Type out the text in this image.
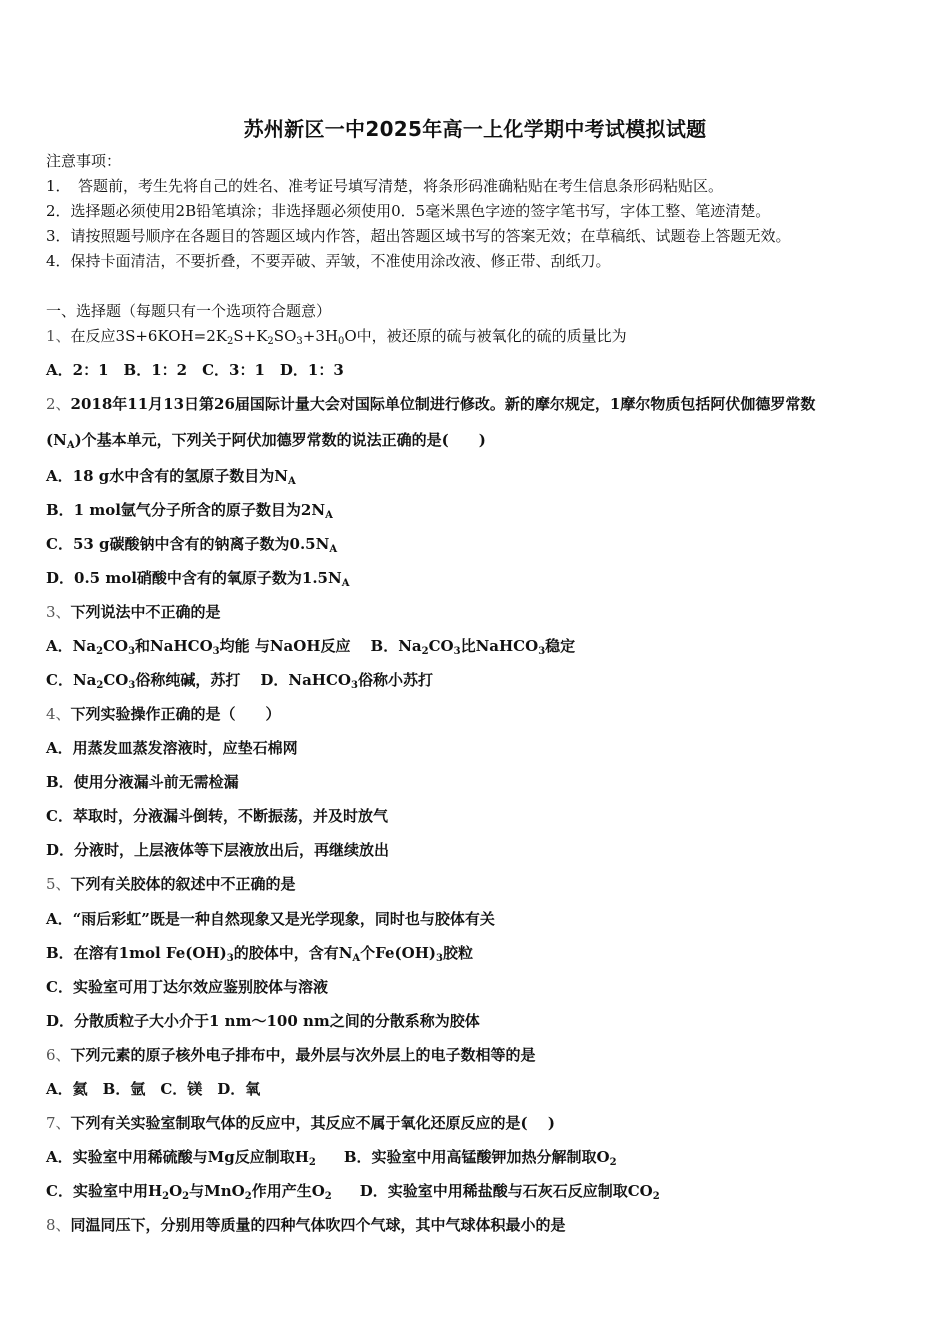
苏州新区一中2025年高一上化学期中考试模拟试题
注意事项：
1．　答题前，考生先将自己的姓名、准考证号填写清楚，将条形码准确粘贴在考生信息条形码粘贴区。
2．选择题必须使用2B铅笔填涂；非选择题必须使用0．5毫米黑色字迹的签字笔书写，字体工整、笔迹清楚。
3．请按照题号顺序在各题目的答题区域内作答，超出答题区域书写的答案无效；在草稿纸、试题卷上答题无效。
4．保持卡面清洁，不要折叠，不要弄破、弄皱，不准使用涂改液、修正带、刮纸刀。
一、选择题（每题只有一个选项符合题意）
1、在反应$3S+6KOH=2K_2S+K_2SO_3+3H_0O$中，被还原的硫与被氧化的硫的质量比为
A．2：1　B．1：2　C．3：1　D．1：3
2、2018年11月13日第26届国际计量大会对国际单位制进行修改。新的摩尔规定，1摩尔物质包括阿伏伽德罗常数
$(N_A)$个基本单元，下列关于阿伏加德罗常数的说法正确的是(　　)
A．18 g水中含有的氢原子数目为$N_A$
B．1 mol氩气分子所含的原子数目为$2N_A$
C．53 g碳酸钠中含有的钠离子数为$0.5N_A$
D．0.5 mol硝酸中含有的氧原子数为$1.5N_A$
3、下列说法中不正确的是
A．$Na_2CO_3$和NaHCO$_3$均能 与NaOH反应 B．$Na_2CO_3$比NaHCO$_3$稳定
C．$Na_2CO_3$俗称纯碱，苏打 D．NaHCO$_3$俗称小苏打
4、下列实验操作正确的是（　　）
A．用蒸发皿蒸发溶液时，应垫石棉网
B．使用分液漏斗前无需检漏
C．萃取时，分液漏斗倒转，不断振荡，并及时放气
D．分液时，上层液体等下层液放出后，再继续放出
5、下列有关胶体的叙述中不正确的是
A．“雨后彩虹”既是一种自然现象又是光学现象，同时也与胶体有关
B．在溶有1mol $Fe(OH)_3$的胶体中，含有$N_A$个$Fe(OH)_3$胶粒
C．实验室可用丁达尔效应鉴别胶体与溶液
D．分散质粒子大小介于1 nm～100 nm之间的分散系称为胶体
6、下列元素的原子核外电子排布中，最外层与次外层上的电子数相等的是
A．氦　B．氩　C．镁　D．氧
7、下列有关实验室制取气体的反应中，其反应不属于氧化还原反应的是(　 )
A．实验室中用稀硫酸与Mg反应制取$H_2$ B．实验室中用高锰酸钾加热分解制取$O_2$
C．实验室中用$H_2O_2$与MnO$_2$作用产生$O_2$ D．实验室中用稀盐酸与石灰石反应制取$CO_2$
8、同温同压下，分别用等质量的四种气体吹四个气球，其中气球体积最小的是
